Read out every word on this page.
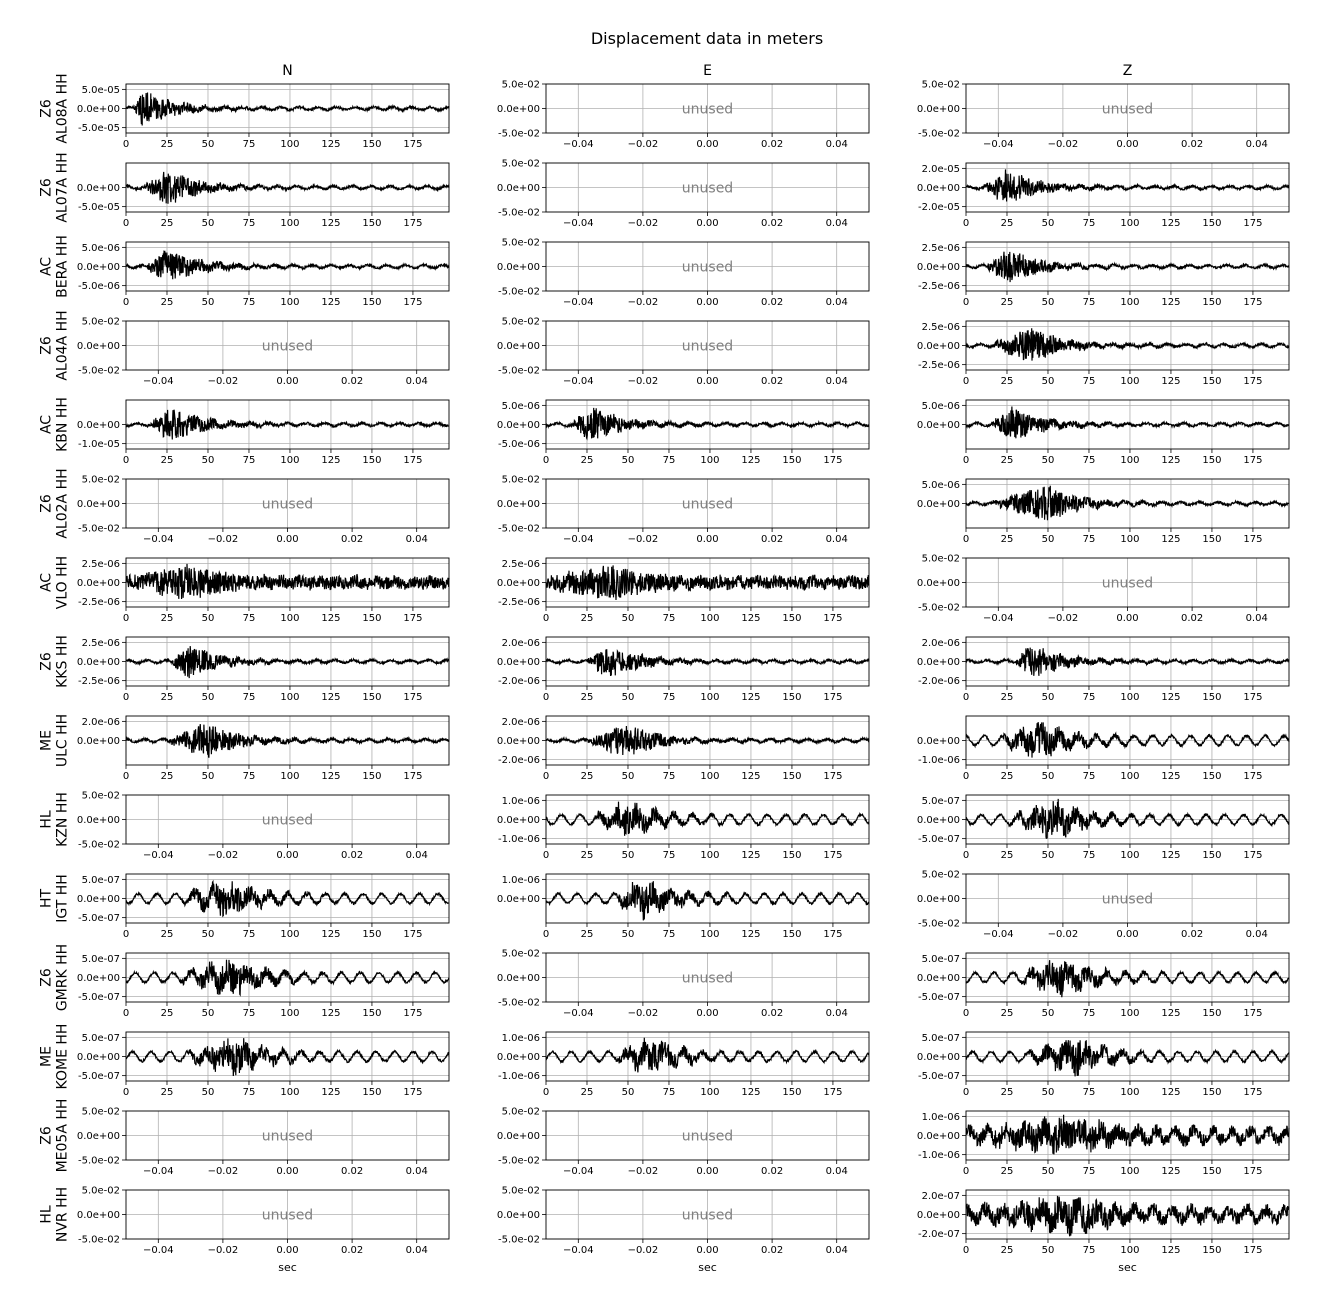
Displacement data in meters
N	E	Z
Z6AL08A HH
0	25	50	75	100 125 150 175
5.0e-05
0.0e+00
-5.0e-05
unused
−0.04	−0.02	0.00	0.02	0.04
5.0e-02
0.0e+00
-5.0e-02
unused
−0.04	−0.02	0.00	0.02	0.04
5.0e-02
0.0e+00
-5.0e-02
Z6AL07A HH
0	25	50	75	100 125 150 175
0.0e+00
-5.0e-05
unused
−0.04	−0.02	0.00	0.02	0.04
5.0e-02
0.0e+00
-5.0e-02
0	25	50	75	100 125 150 175
2.0e-05
0.0e+00
-2.0e-05
ACBERA HH
0	25	50	75	100 125 150 175
5.0e-06
0.0e+00
-5.0e-06
unused
−0.04	−0.02	0.00	0.02	0.04
5.0e-02
0.0e+00
-5.0e-02
0	25	50	75	100 125 150 175
2.5e-06
0.0e+00
-2.5e-06
Z6AL04A HH	unused
−0.04	−0.02	0.00	0.02	0.04
5.0e-02
0.0e+00
-5.0e-02
unused
−0.04	−0.02	0.00	0.02	0.04
5.0e-02
0.0e+00
-5.0e-02
0	25	50	75	100 125 150 175
2.5e-06
0.0e+00
-2.5e-06
ACKBN HH
0	25	50	75	100 125 150 175
0.0e+00
-1.0e-05
0	25	50	75	100 125 150 175
5.0e-06
0.0e+00
-5.0e-06
0	25	50	75	100 125 150 175
5.0e-06
0.0e+00
Z6AL02A HH	unused
−0.04	−0.02	0.00	0.02	0.04
5.0e-02
0.0e+00
-5.0e-02
unused
−0.04	−0.02	0.00	0.02	0.04
5.0e-02
0.0e+00
-5.0e-02
0	25	50	75	100 125 150 175
5.0e-06
0.0e+00
ACVLO HH
0	25	50	75	100 125 150 175
2.5e-06
0.0e+00
-2.5e-06
0	25	50	75	100 125 150 175
2.5e-06
0.0e+00
-2.5e-06
unused
−0.04	−0.02	0.00	0.02	0.04
5.0e-02
0.0e+00
-5.0e-02
Z6KKS HH
0	25	50	75	100 125 150 175
2.5e-06
0.0e+00
-2.5e-06
0	25	50	75	100 125 150 175
2.0e-06
0.0e+00
-2.0e-06
0	25	50	75	100 125 150 175
2.0e-06
0.0e+00
-2.0e-06
MEULC HH
0	25	50	75	100 125 150 175
2.0e-06
0.0e+00
0	25	50	75	100 125 150 175
2.0e-06
0.0e+00
-2.0e-06
0	25	50	75	100 125 150 175
0.0e+00
-1.0e-06
HLKZN HH	unused
−0.04	−0.02	0.00	0.02	0.04
5.0e-02
0.0e+00
-5.0e-02
0	25	50	75	100 125 150 175
1.0e-06
0.0e+00
-1.0e-06
0	25	50	75	100 125 150 175
5.0e-07
0.0e+00
-5.0e-07
HTIGT HH
0	25	50	75	100 125 150 175
5.0e-07
0.0e+00
-5.0e-07
0	25	50	75	100 125 150 175
1.0e-06
0.0e+00	unused
−0.04	−0.02	0.00	0.02	0.04
5.0e-02
0.0e+00
-5.0e-02
Z6GMRK HH
0	25	50	75	100 125 150 175
5.0e-07
0.0e+00
-5.0e-07
unused
−0.04	−0.02	0.00	0.02	0.04
5.0e-02
0.0e+00
-5.0e-02
0	25	50	75	100 125 150 175
5.0e-07
0.0e+00
-5.0e-07
MEKOME HH
0	25	50	75	100 125 150 175
5.0e-07
0.0e+00
-5.0e-07
0	25	50	75	100 125 150 175
1.0e-06
0.0e+00
-1.0e-06
0	25	50	75	100 125 150 175
5.0e-07
0.0e+00
-5.0e-07
Z6ME05A HH	unused
−0.04	−0.02	0.00	0.02	0.04
5.0e-02
0.0e+00
-5.0e-02
unused
−0.04	−0.02	0.00	0.02	0.04
5.0e-02
0.0e+00
-5.0e-02
0	25	50	75	100 125 150 175
1.0e-06
0.0e+00
-1.0e-06
HLNVR HH	unused
−0.04	−0.02	0.00	0.02	0.04
5.0e-02
0.0e+00
-5.0e-02
sec
unused
−0.04	−0.02	0.00	0.02	0.04
5.0e-02
0.0e+00
-5.0e-02
sec
0	25	50	75	100 125 150 175
2.0e-07
0.0e+00
-2.0e-07
sec
